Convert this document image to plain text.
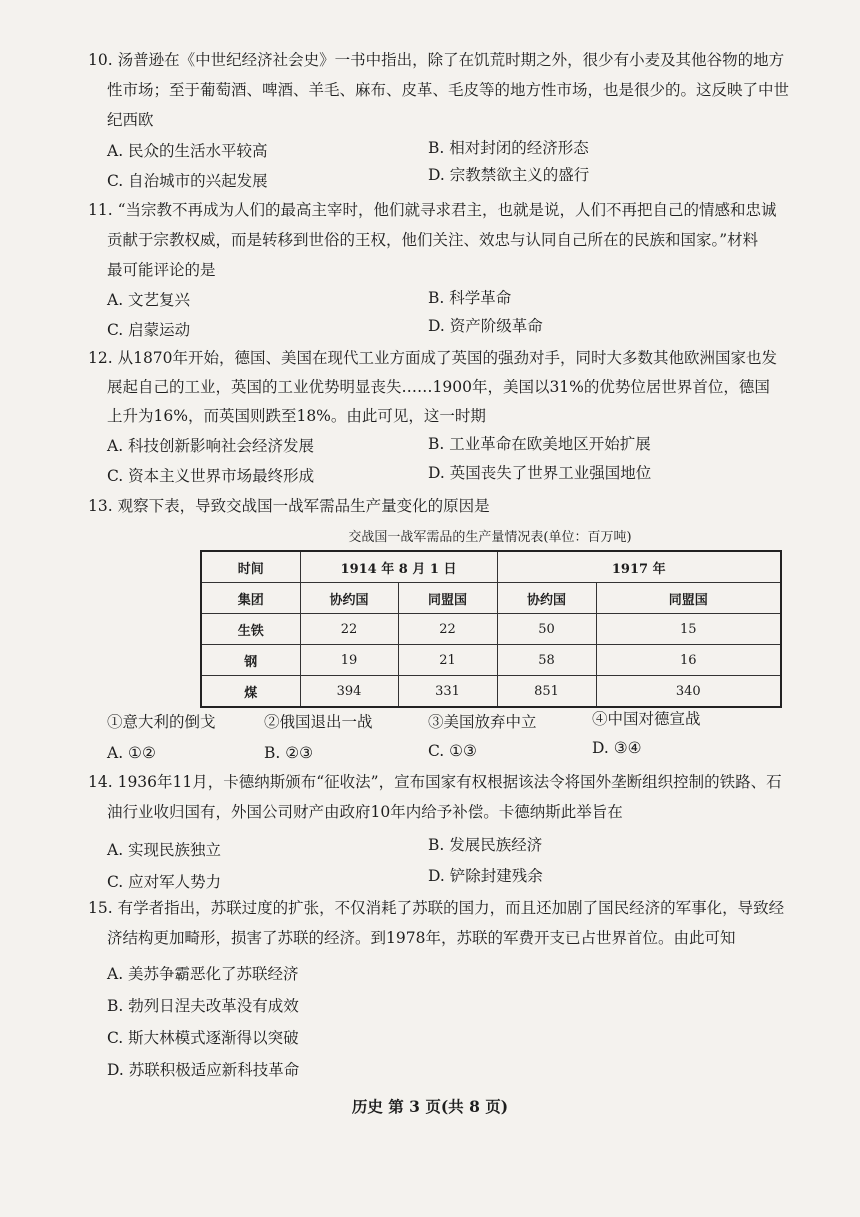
10. 汤普逊在《中世纪经济社会史》一书中指出，除了在饥荒时期之外，很少有小麦及其他谷物的地方
性市场；至于葡萄酒、啤酒、羊毛、麻布、皮革、毛皮等的地方性市场，也是很少的。这反映了中世
纪西欧
A. 民众的生活水平较高	B. 相对封闭的经济形态
C. 自治城市的兴起发展	D. 宗教禁欲主义的盛行
11. “当宗教不再成为人们的最高主宰时，他们就寻求君主，也就是说，人们不再把自己的情感和忠诚
贡献于宗教权威，而是转移到世俗的王权，他们关注、效忠与认同自己所在的民族和国家。”材料
最可能评论的是
A. 文艺复兴	B. 科学革命
C. 启蒙运动	D. 资产阶级革命
12. 从1870年开始，德国、美国在现代工业方面成了英国的强劲对手，同时大多数其他欧洲国家也发
展起自己的工业，英国的工业优势明显丧失……1900年，美国以31%的优势位居世界首位，德国
上升为16%，而英国则跌至18%。由此可见，这一时期
A. 科技创新影响社会经济发展	B. 工业革命在欧美地区开始扩展
C. 资本主义世界市场最终形成	D. 英国丧失了世界工业强国地位
13. 观察下表，导致交战国一战军需品生产量变化的原因是
交战国一战军需品的生产量情况表(单位：百万吨)
时间	1914 年 8 月 1 日		1917 年	
集团	协约国	同盟国	协约国	同盟国
生铁	22	22	50	15
钢	19	21	58	16
煤	394	331	851	340
①意大利的倒戈	②俄国退出一战	③美国放弃中立	④中国对德宣战
A. ①②	B. ②③	C. ①③	D. ③④
14. 1936年11月，卡德纳斯颁布“征收法”，宣布国家有权根据该法令将国外垄断组织控制的铁路、石
油行业收归国有，外国公司财产由政府10年内给予补偿。卡德纳斯此举旨在
A. 实现民族独立	B. 发展民族经济
C. 应对军人势力	D. 铲除封建残余
15. 有学者指出，苏联过度的扩张，不仅消耗了苏联的国力，而且还加剧了国民经济的军事化，导致经
济结构更加畸形，损害了苏联的经济。到1978年，苏联的军费开支已占世界首位。由此可知
A. 美苏争霸恶化了苏联经济
B. 勃列日涅夫改革没有成效
C. 斯大林模式逐渐得以突破
D. 苏联积极适应新科技革命
历史 第 3 页(共 8 页)
